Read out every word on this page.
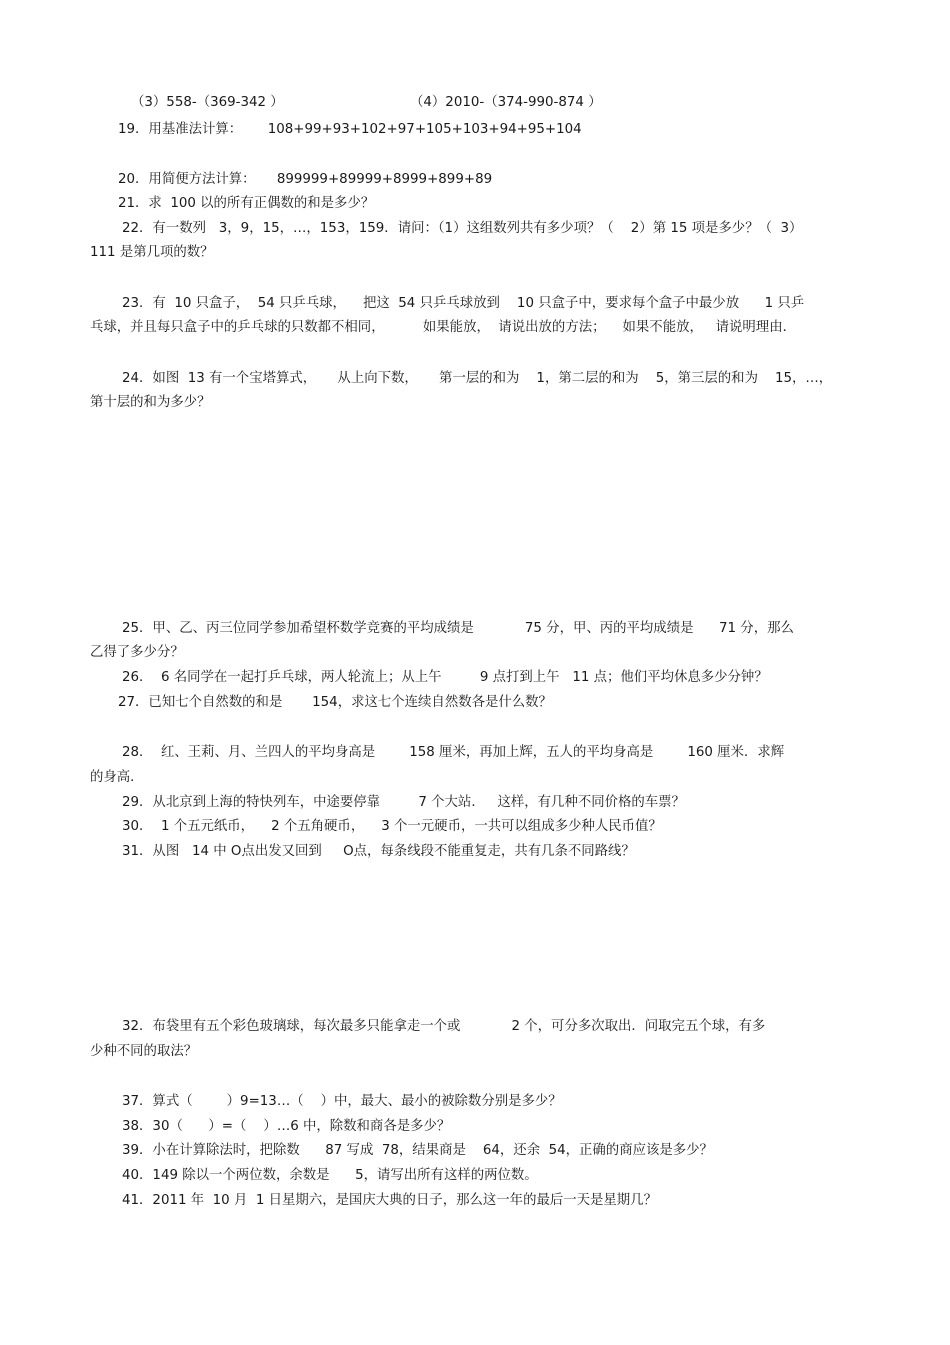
（3）558-（369-342 ）	（4）2010-（374-990-874 ）
19．用基准法计算：      108+99+93+102+97+105+103+94+95+104
20．用简便方法计算：     899999+89999+8999+899+89
21．求  100 以的所有正偶数的和是多少？
22．有一数列   3，9，15，…，153，159．请问：（1）这组数列共有多少项？（    2）第 15 项是多少？（  3）
111 是第几项的数？
23．有  10 只盒子，  54 只乒乓球，    把这  54 只乒乓球放到    10 只盒子中，要求每个盒子中最少放      1 只乒
乓球，并且每只盒子中的乒乓球的只数都不相同，         如果能放，  请说出放的方法；    如果不能放，   请说明理由．
24．如图  13 有一个宝塔算式，     从上向下数，     第一层的和为    1，第二层的和为    5，第三层的和为    15，…，
第十层的和为多少？
25．甲、乙、丙三位同学参加希望杯数学竞赛的平均成绩是            75 分，甲、丙的平均成绩是      71 分，那么
乙得了多少分？
26．  6 名同学在一起打乒乓球，两人轮流上；从上午         9 点打到上午   11 点；他们平均休息多少分钟？
27．已知七个自然数的和是       154，求这七个连续自然数各是什么数？
28．  红、王莉、月、兰四人的平均身高是        158 厘米，再加上辉，五人的平均身高是        160 厘米．求辉
的身高．
29．从北京到上海的特快列车，中途要停靠         7 个大站．   这样，有几种不同价格的车票？
30．  1 个五元纸币，    2 个五角硬币，    3 个一元硬币，一共可以组成多少种人民币值？
31．从图   14 中 O点出发又回到     O点，每条线段不能重复走，共有几条不同路线？
32．布袋里有五个彩色玻璃球，每次最多只能拿走一个或            2 个，可分多次取出．问取完五个球，有多
少种不同的取法？
37．算式（        ）9=13…（    ）中，最大、最小的被除数分别是多少？
38．30（      ）=（    ）…6 中，除数和商各是多少？
39．小在计算除法时，把除数      87 写成  78，结果商是    64，还余  54，正确的商应该是多少？
40．149 除以一个两位数，余数是      5，请写出所有这样的两位数。
41．2011 年  10 月  1 日星期六，是国庆大典的日子，那么这一年的最后一天是星期几？
